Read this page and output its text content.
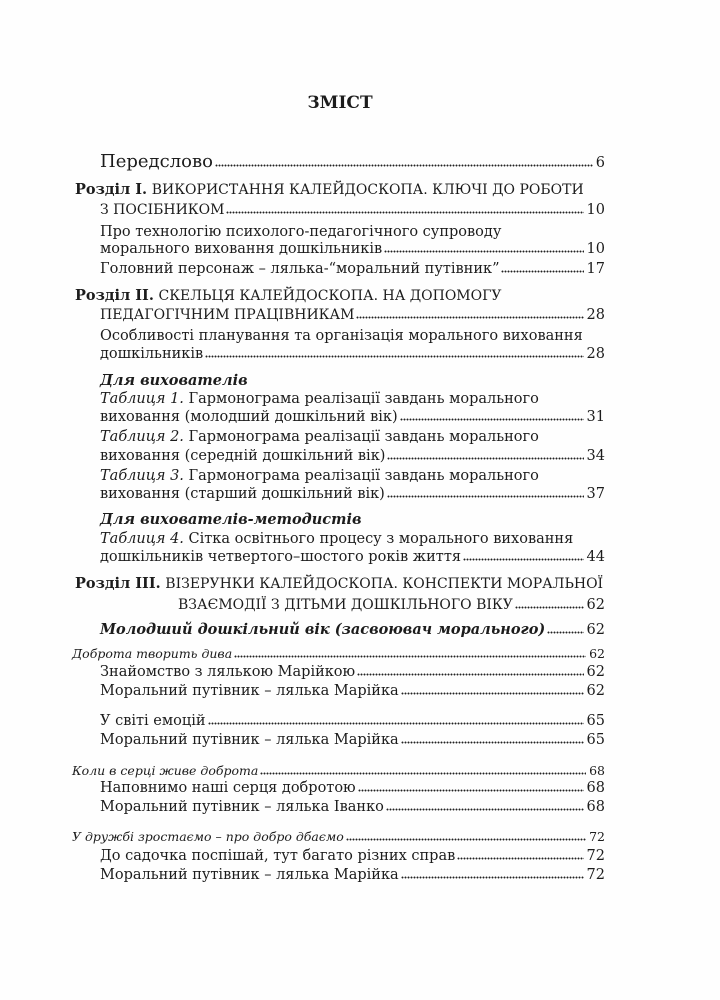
ЗМІСТ
Передслово	6
Розділ І. ВИКОРИСТАННЯ КАЛЕЙДОСКОПА. КЛЮЧІ ДО РОБОТИ
З ПОСІБНИКОМ	10
Про технологію психолого-педагогічного супроводу
морального виховання дошкільників	10
Головний персонаж – лялька-“моральний путівник”	17
Розділ ІІ. СКЕЛЬЦЯ КАЛЕЙДОСКОПА. НА ДОПОМОГУ
ПЕДАГОГІЧНИМ ПРАЦІВНИКАМ	28
Особливості планування та організація морального виховання
дошкільників	28
Для вихователів
Таблиця 1. Гармонограма реалізації завдань морального
виховання (молодший дошкільний вік)	31
Таблиця 2. Гармонограма реалізації завдань морального
виховання (середній дошкільний вік)	34
Таблиця 3. Гармонограма реалізації завдань морального
виховання (старший дошкільний вік)	37
Для вихователів-методистів
Таблиця 4. Сітка освітнього процесу з морального виховання
дошкільників четвертого–шостого років життя	44
Розділ ІІІ. ВІЗЕРУНКИ КАЛЕЙДОСКОПА. КОНСПЕКТИ МОРАЛЬНОЇ
ВЗАЄМОДІЇ З ДІТЬМИ ДОШКІЛЬНОГО ВІКУ	62
Молодший дошкільний вік (засвоювач морального)	62
Доброта творить дива	62
Знайомство з лялькою Марійкою	62
Моральний путівник – лялька Марійка	62
У світі емоцій	65
Моральний путівник – лялька Марійка	65
Коли в серці живе доброта	68
Наповнимо наші серця добротою	68
Моральний путівник – лялька Іванко	68
У дружбі зростаємо – про добро дбаємо	72
До садочка поспішай, тут багато різних справ	72
Моральний путівник – лялька Марійка	72
